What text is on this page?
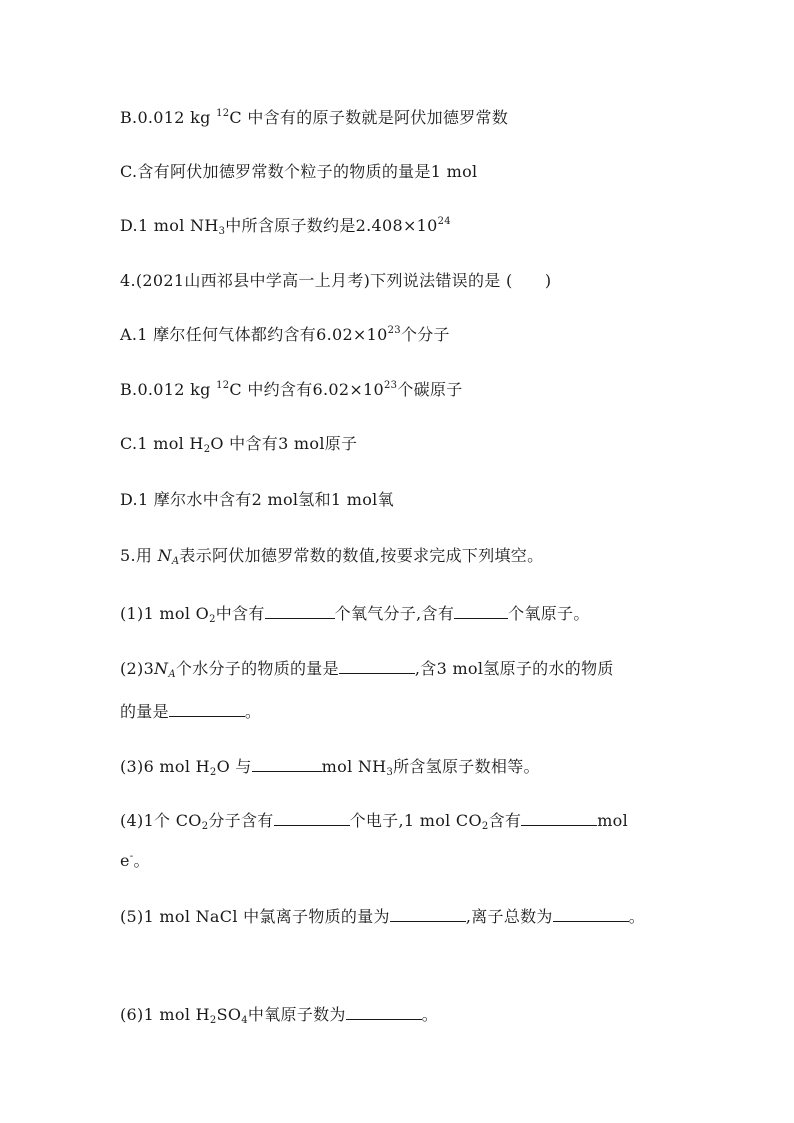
B.0.012 kg $^{12}$C 中含有的原子数就是阿伏加德罗常数
C.含有阿伏加德罗常数个粒子的物质的量是1 mol
D.1 mol $NH_3$中所含原子数约是$2.408\times 10^{24}$
4.(2021山西祁县中学高一上月考)下列说法错误的是 (      )
A.1 摩尔任何气体都约含有$6.02\times 10^{23}$个分子
B.0.012 kg $^{12}$C 中约含有$6.02\times 10^{23}$个碳原子
C.1 mol $H_2O$ 中含有3 mol原子
D.1 摩尔水中含有2 mol氢和1 mol氧
5.用 $N_A$表示阿伏加德罗常数的数值,按要求完成下列填空。
(1)1 mol $O_2$中含有	个氧气分子,含有	个氧原子。
$(2)3N_A$个水分子的物质的量是	,含3 mol氢原子的水的物质
的量是	。
(3)6 mol $H_2O$ 与	mol $NH_3$所含氢原子数相等。
(4)1个 $CO_2$分子含有	个电子,1 mol $CO_2$含有	mol
e-。
(5)1 mol NaCl 中氯离子物质的量为	,离子总数为	。
(6)1 mol $H_2SO_4$中氧原子数为	。
